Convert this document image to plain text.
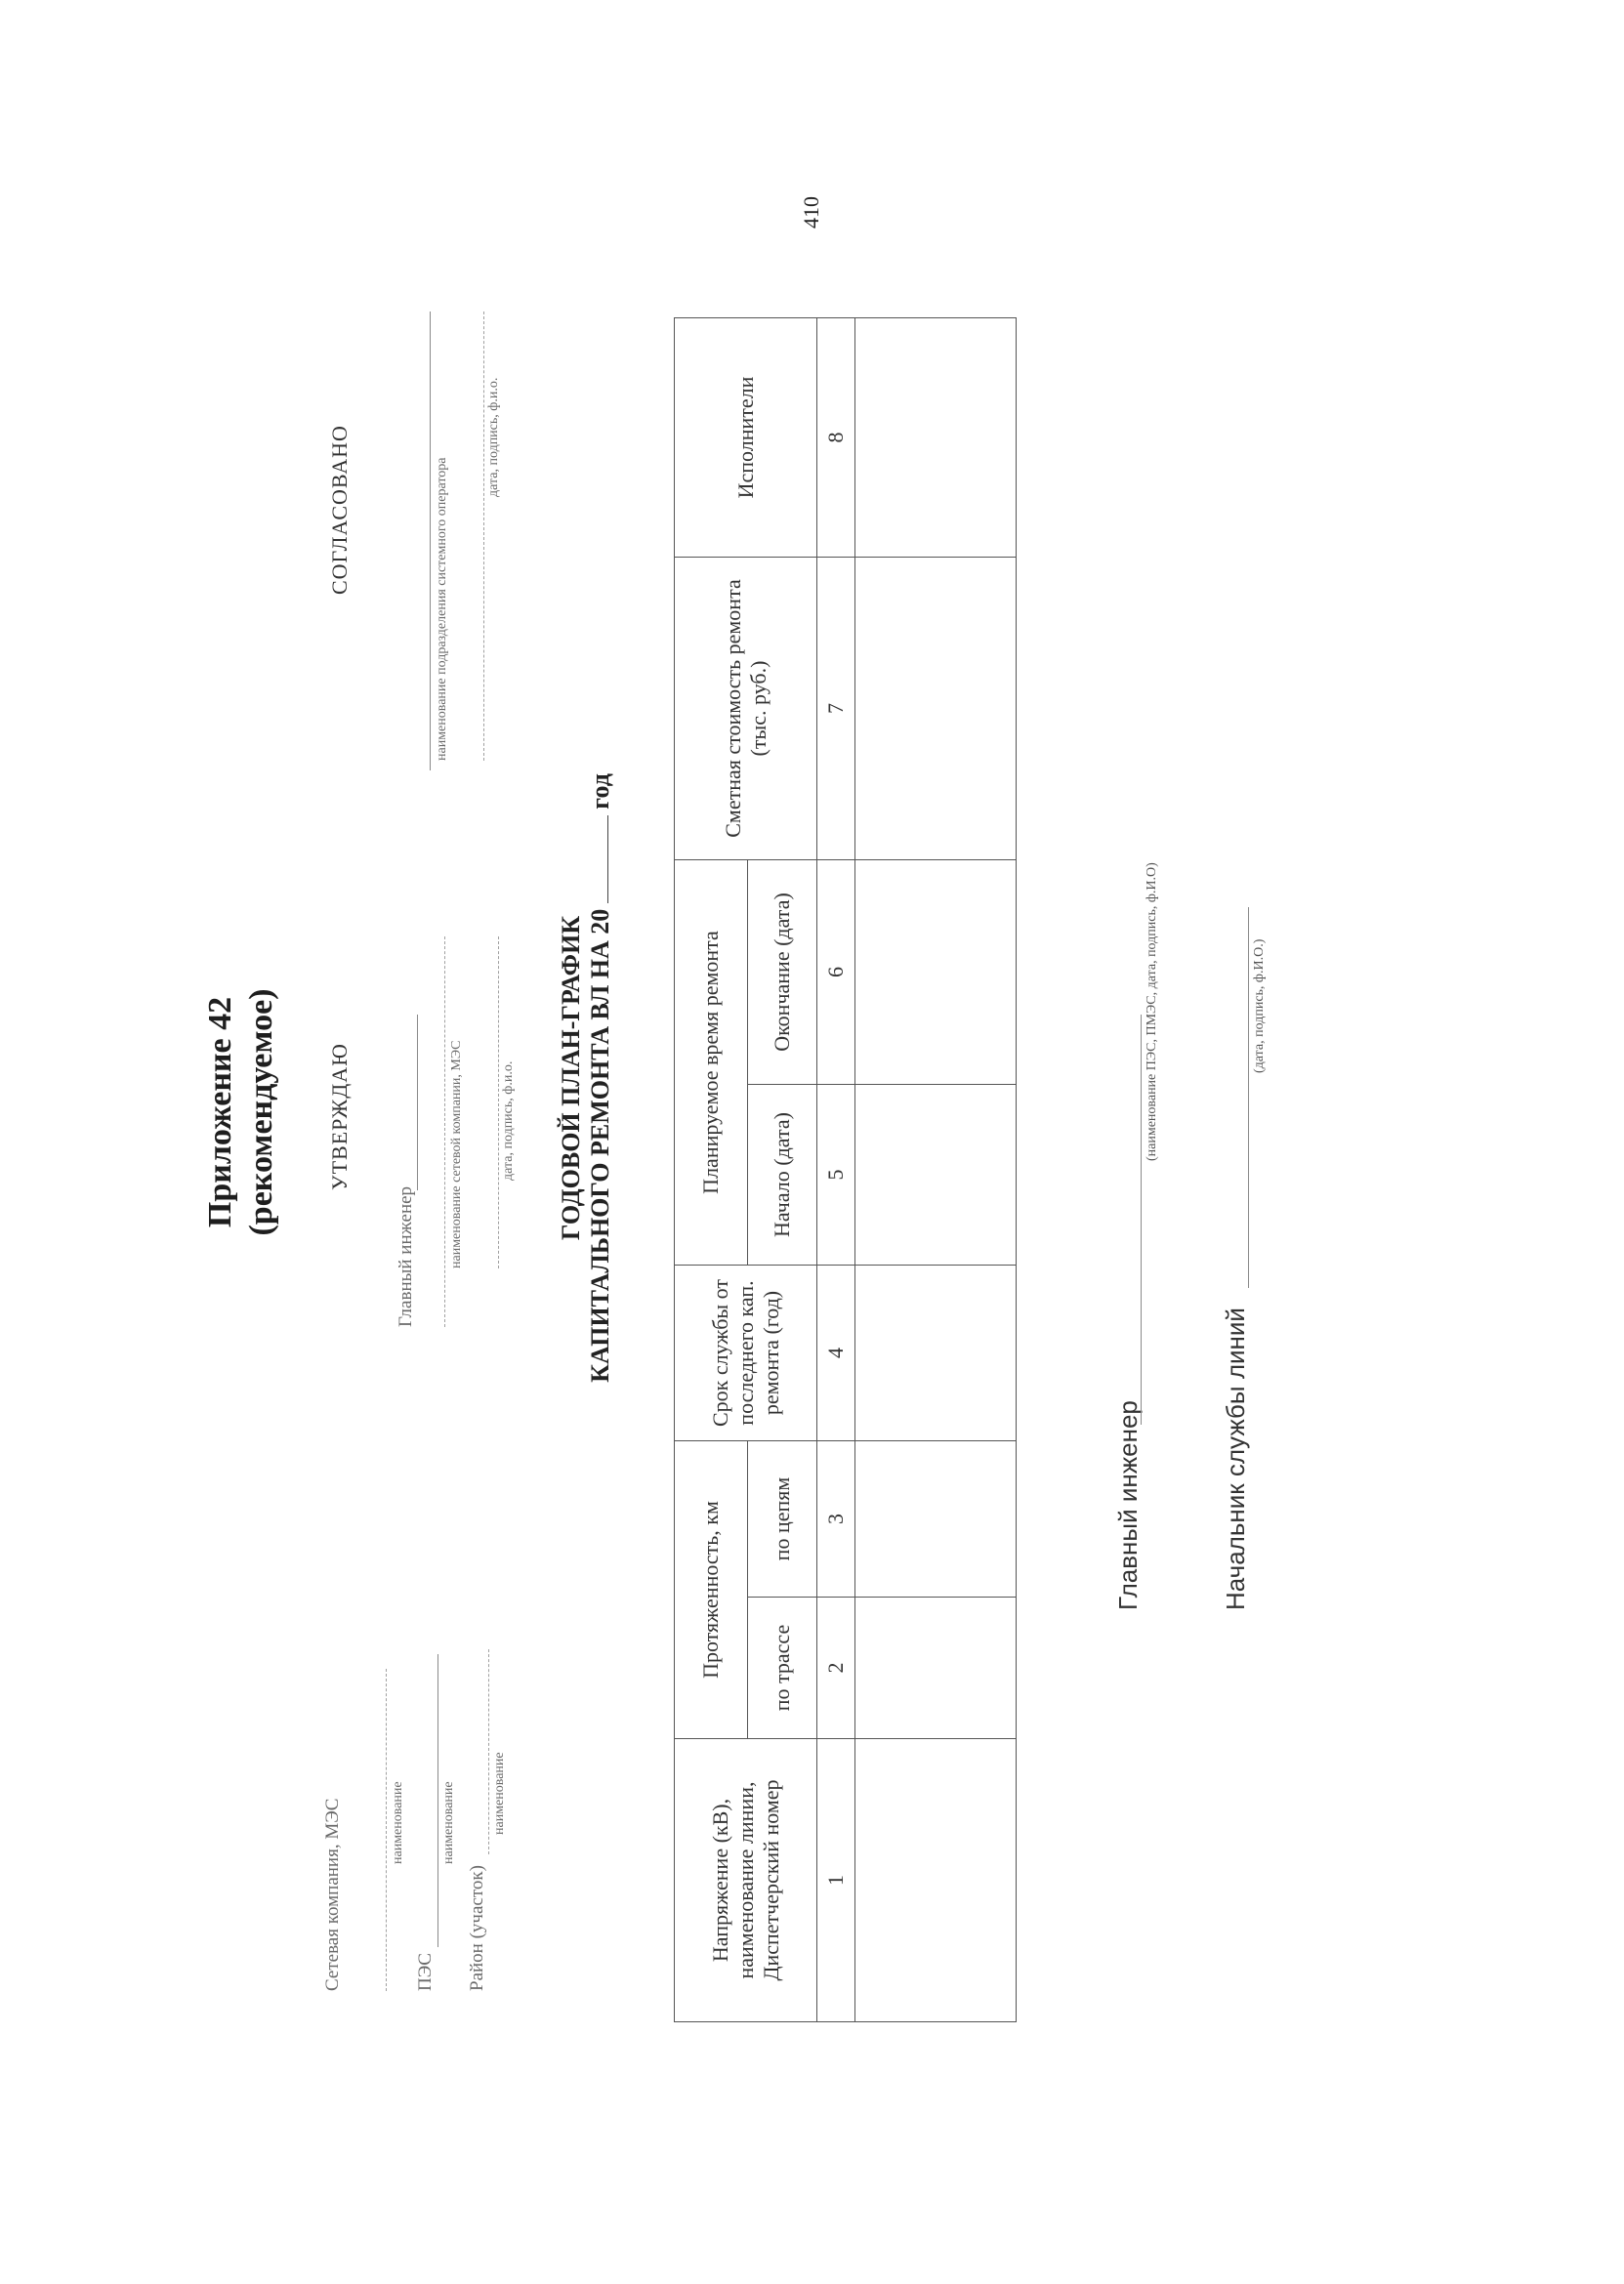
Приложение 42 (рекомендуемое)
Сетевая компания, МЭС	наименование
ПЭС
наименование
Район (участок)
наименование
УТВЕРЖДАЮ
Главный инженер наименование сетевой компании, МЭС	дата, подпись, ф.и.о.
СОГЛАСОВАНО	наименование подразделения системного оператора
дата, подпись, ф.и.о.
ГОДОВОЙ ПЛАН-ГРАФИК КАПИТАЛЬНОГО РЕМОНТА ВЛ НА 20год
Напряжение (кВ), наименование линии, Диспетчерский номер	Протяженность, км		Срок службы от последнего кап. ремонта (год)	Планируемое время ремонта		Сметная стоимость ремонта (тыс. руб.)	Исполнители
	по трассе	по цепям		Начало (дата)	Окончание (дата)		
1	2	3	4	5	6	7	8

410
Главный инженер
(наименование ПЭС, ПМЭС, дата, подпись, ф.И.О)
Начальник службы линий
(дата, подпись, ф.И.О.)
